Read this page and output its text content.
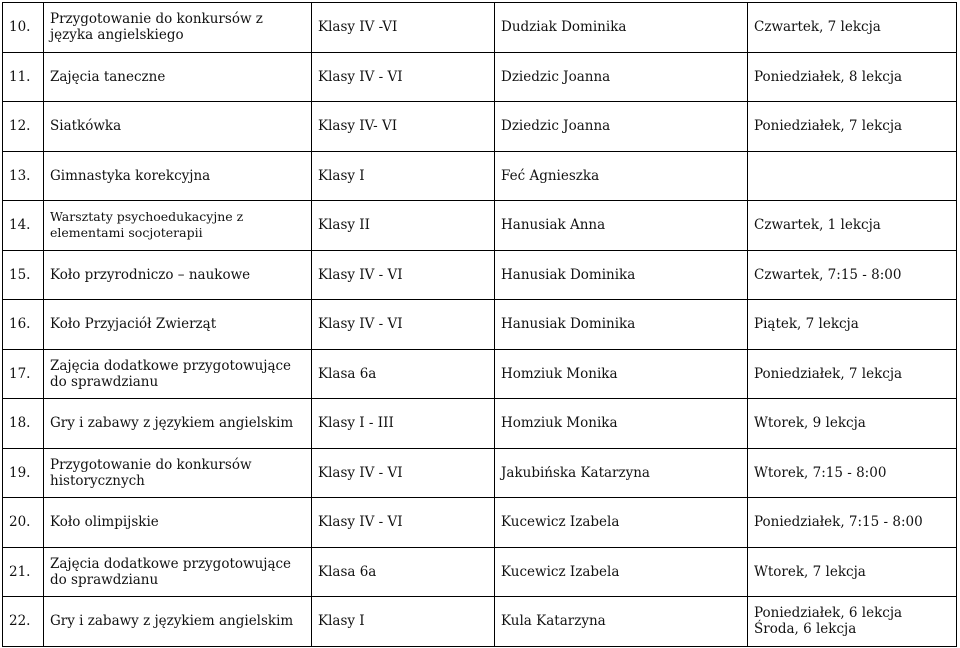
10.	Przygotowanie do konkursów z języka angielskiego	Klasy IV -VI	Dudziak Dominika	Czwartek, 7 lekcja

11.	Zajęcia taneczne	Klasy IV - VI	Dziedzic Joanna	Poniedziałek, 8 lekcja

12.	Siatkówka	Klasy IV- VI	Dziedzic Joanna	Poniedziałek, 7 lekcja

13.	Gimnastyka korekcyjna	Klasy I	Feć Agnieszka	

14.	Warsztaty psychoedukacyjne z elementami socjoterapii	Klasy II	Hanusiak Anna	Czwartek, 1 lekcja

15.	Koło przyrodniczo – naukowe	Klasy IV - VI	Hanusiak Dominika	Czwartek, 7:15 - 8:00

16.	Koło Przyjaciół Zwierząt	Klasy IV - VI	Hanusiak Dominika	Piątek, 7 lekcja

17.	Zajęcia dodatkowe przygotowujące do sprawdzianu	Klasa 6a	Homziuk Monika	Poniedziałek, 7 lekcja

18.	Gry i zabawy z językiem angielskim	Klasy I - III	Homziuk Monika	Wtorek, 9 lekcja

19.	Przygotowanie do konkursów historycznych	Klasy IV - VI	Jakubińska Katarzyna	Wtorek, 7:15 - 8:00

20.	Koło olimpijskie	Klasy IV - VI	Kucewicz Izabela	Poniedziałek, 7:15 - 8:00

21.	Zajęcia dodatkowe przygotowujące do sprawdzianu	Klasa 6a	Kucewicz Izabela	Wtorek, 7 lekcja

22.	Gry i zabawy z językiem angielskim	Klasy I	Kula Katarzyna	Poniedziałek, 6 lekcja
Środa, 6 lekcja
